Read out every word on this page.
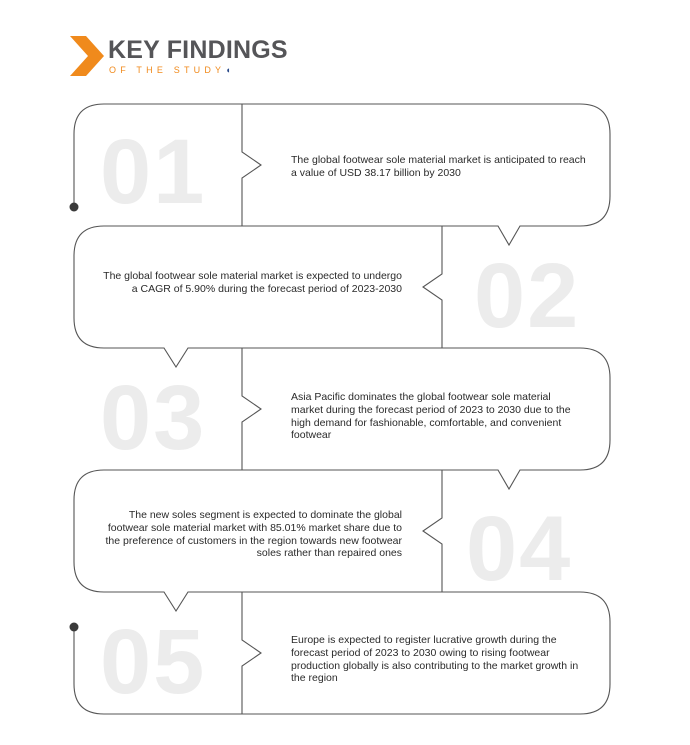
KEY FINDINGS
OF THE STUDY◖
01
02
03
04
05
The global footwear sole material market is anticipated to reach a value of USD 38.17 billion by 2030
The global footwear sole material market is expected to undergo a CAGR of 5.90% during the forecast period of 2023-2030
Asia Pacific dominates the global footwear sole material market during the forecast period of 2023 to 2030 due to the high demand for fashionable, comfortable, and convenient footwear
The new soles segment is expected to dominate the global footwear sole material market with 85.01% market share due to the preference of customers in the region towards new footwear soles rather than repaired ones
Europe is expected to register lucrative growth during the forecast period of 2023 to 2030 owing to rising footwear production globally is also contributing to the market growth in the region
